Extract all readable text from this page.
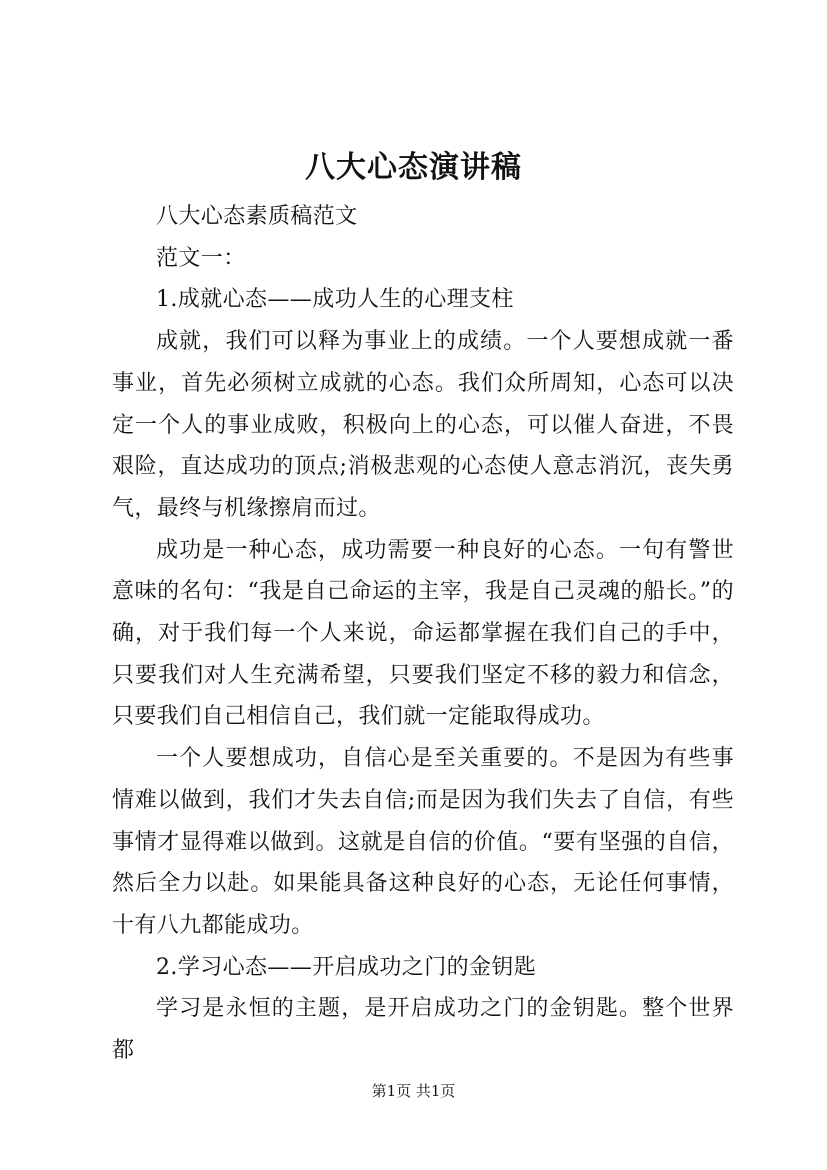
八大心态演讲稿

八大心态素质稿范文

范文一：

1.成就心态——成功人生的心理支柱

成就，我们可以释为事业上的成绩。一个人要想成就一番事业，首先必须树立成就的心态。我们众所周知，心态可以决定一个人的事业成败，积极向上的心态，可以催人奋进，不畏艰险，直达成功的顶点;消极悲观的心态使人意志消沉，丧失勇气，最终与机缘擦肩而过。

成功是一种心态，成功需要一种良好的心态。一句有警世意味的名句：“我是自己命运的主宰，我是自己灵魂的船长。”的确，对于我们每一个人来说，命运都掌握在我们自己的手中，只要我们对人生充满希望，只要我们坚定不移的毅力和信念，只要我们自己相信自己，我们就一定能取得成功。

一个人要想成功，自信心是至关重要的。不是因为有些事情难以做到，我们才失去自信;而是因为我们失去了自信，有些事情才显得难以做到。这就是自信的价值。“要有坚强的自信，然后全力以赴。如果能具备这种良好的心态，无论任何事情，十有八九都能成功。

2.学习心态——开启成功之门的金钥匙

学习是永恒的主题，是开启成功之门的金钥匙。整个世界都

第1页 共1页
